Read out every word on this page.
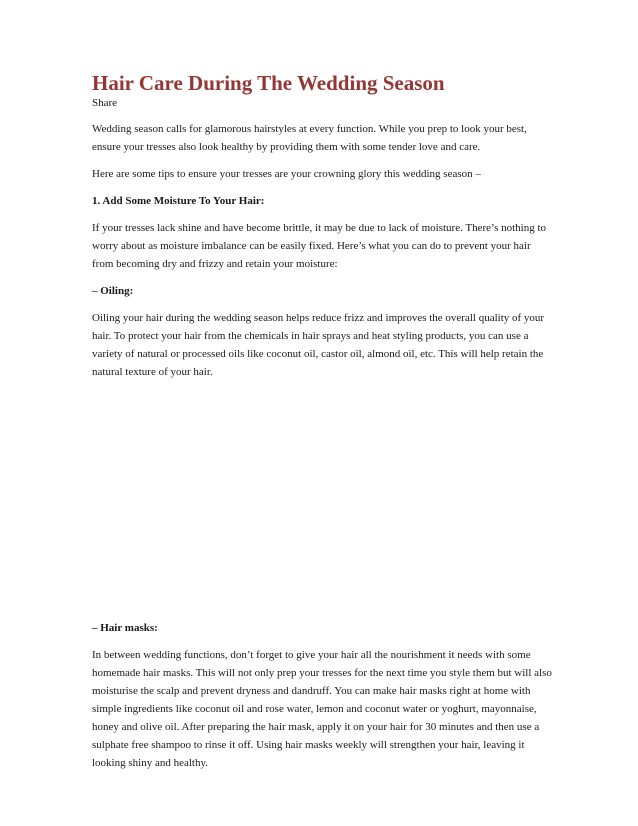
Hair Care During The Wedding Season
Share

Wedding season calls for glamorous hairstyles at every function. While you prep to look your best, ensure your tresses also look healthy by providing them with some tender love and care.

Here are some tips to ensure your tresses are your crowning glory this wedding season –

1. Add Some Moisture To Your Hair:

If your tresses lack shine and have become brittle, it may be due to lack of moisture. There’s nothing to worry about as moisture imbalance can be easily fixed. Here’s what you can do to prevent your hair from becoming dry and frizzy and retain your moisture:

– Oiling:

Oiling your hair during the wedding season helps reduce frizz and improves the overall quality of your hair. To protect your hair from the chemicals in hair sprays and heat styling products, you can use a variety of natural or processed oils like coconut oil, castor oil, almond oil, etc. This will help retain the natural texture of your hair.

– Hair masks:

In between wedding functions, don’t forget to give your hair all the nourishment it needs with some homemade hair masks. This will not only prep your tresses for the next time you style them but will also moisturise the scalp and prevent dryness and dandruff. You can make hair masks right at home with simple ingredients like coconut oil and rose water, lemon and coconut water or yoghurt, mayonnaise, honey and olive oil. After preparing the hair mask, apply it on your hair for 30 minutes and then use a sulphate free shampoo to rinse it off. Using hair masks weekly will strengthen your hair, leaving it looking shiny and healthy.
